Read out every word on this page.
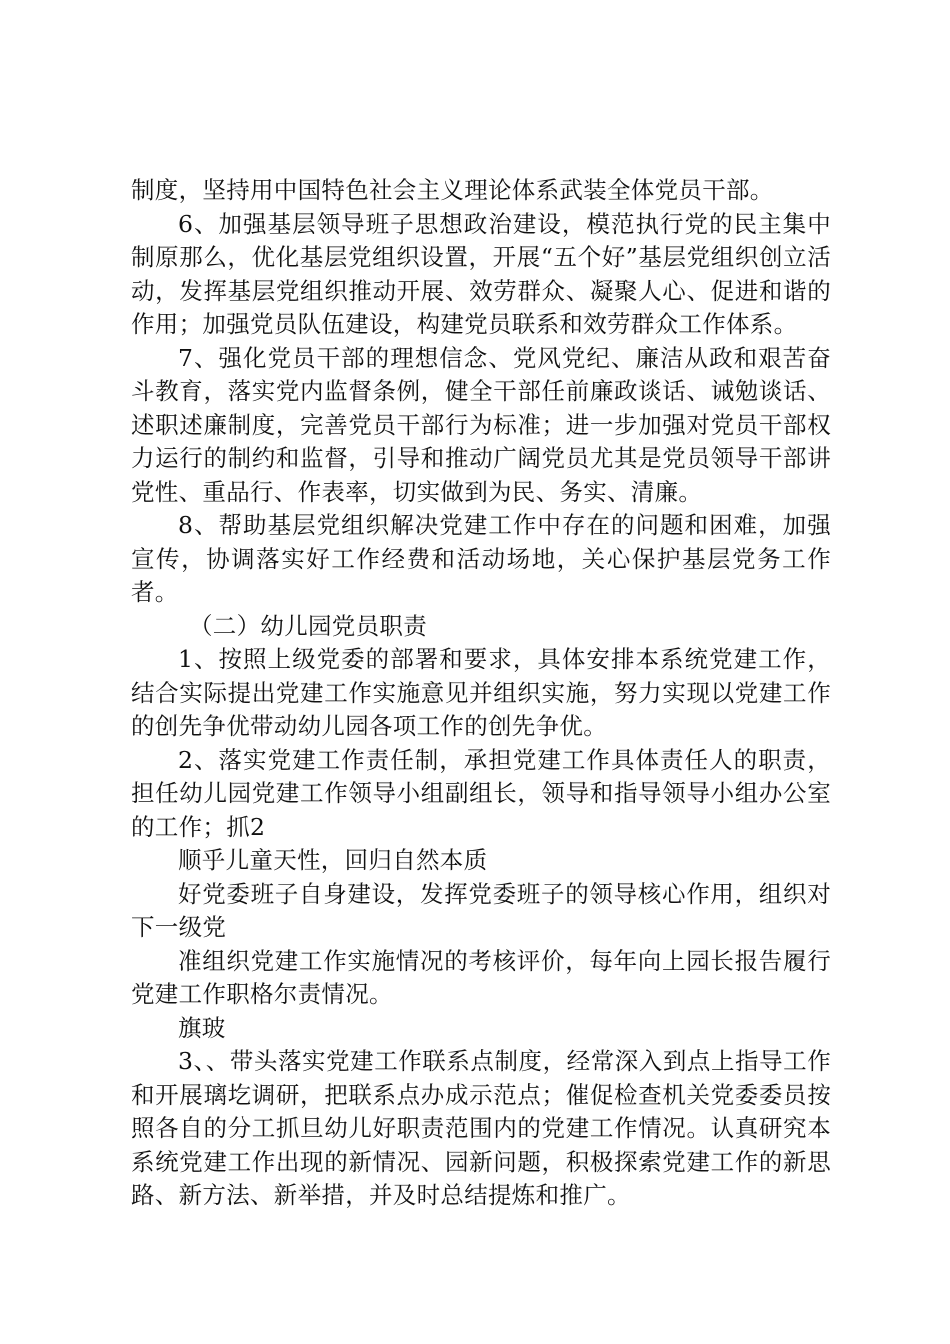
制度，坚持用中国特色社会主义理论体系武装全体党员干部。

6、加强基层领导班子思想政治建设，模范执行党的民主集中制原那么，优化基层党组织设置，开展“五个好”基层党组织创立活动，发挥基层党组织推动开展、效劳群众、凝聚人心、促进和谐的作用；加强党员队伍建设，构建党员联系和效劳群众工作体系。

7、强化党员干部的理想信念、党风党纪、廉洁从政和艰苦奋斗教育，落实党内监督条例，健全干部任前廉政谈话、诫勉谈话、述职述廉制度，完善党员干部行为标准；进一步加强对党员干部权力运行的制约和监督，引导和推动广阔党员尤其是党员领导干部讲党性、重品行、作表率，切实做到为民、务实、清廉。

8、帮助基层党组织解决党建工作中存在的问题和困难，加强宣传，协调落实好工作经费和活动场地，关心保护基层党务工作者。

（二）幼儿园党员职责

1、按照上级党委的部署和要求，具体安排本系统党建工作，结合实际提出党建工作实施意见并组织实施，努力实现以党建工作的创先争优带动幼儿园各项工作的创先争优。

2、落实党建工作责任制，承担党建工作具体责任人的职责，担任幼儿园党建工作领导小组副组长，领导和指导领导小组办公室的工作；抓2

顺乎儿童天性，回归自然本质

好党委班子自身建设，发挥党委班子的领导核心作用，组织对下一级党

准组织党建工作实施情况的考核评价，每年向上园长报告履行党建工作职格尔责情况。

旗玻

3、、带头落实党建工作联系点制度，经常深入到点上指导工作和开展璃圪调研，把联系点办成示范点；催促检查机关党委委员按照各自的分工抓旦幼儿好职责范围内的党建工作情况。认真研究本系统党建工作出现的新情况、园新问题，积极探索党建工作的新思路、新方法、新举措，并及时总结提炼和推广。
